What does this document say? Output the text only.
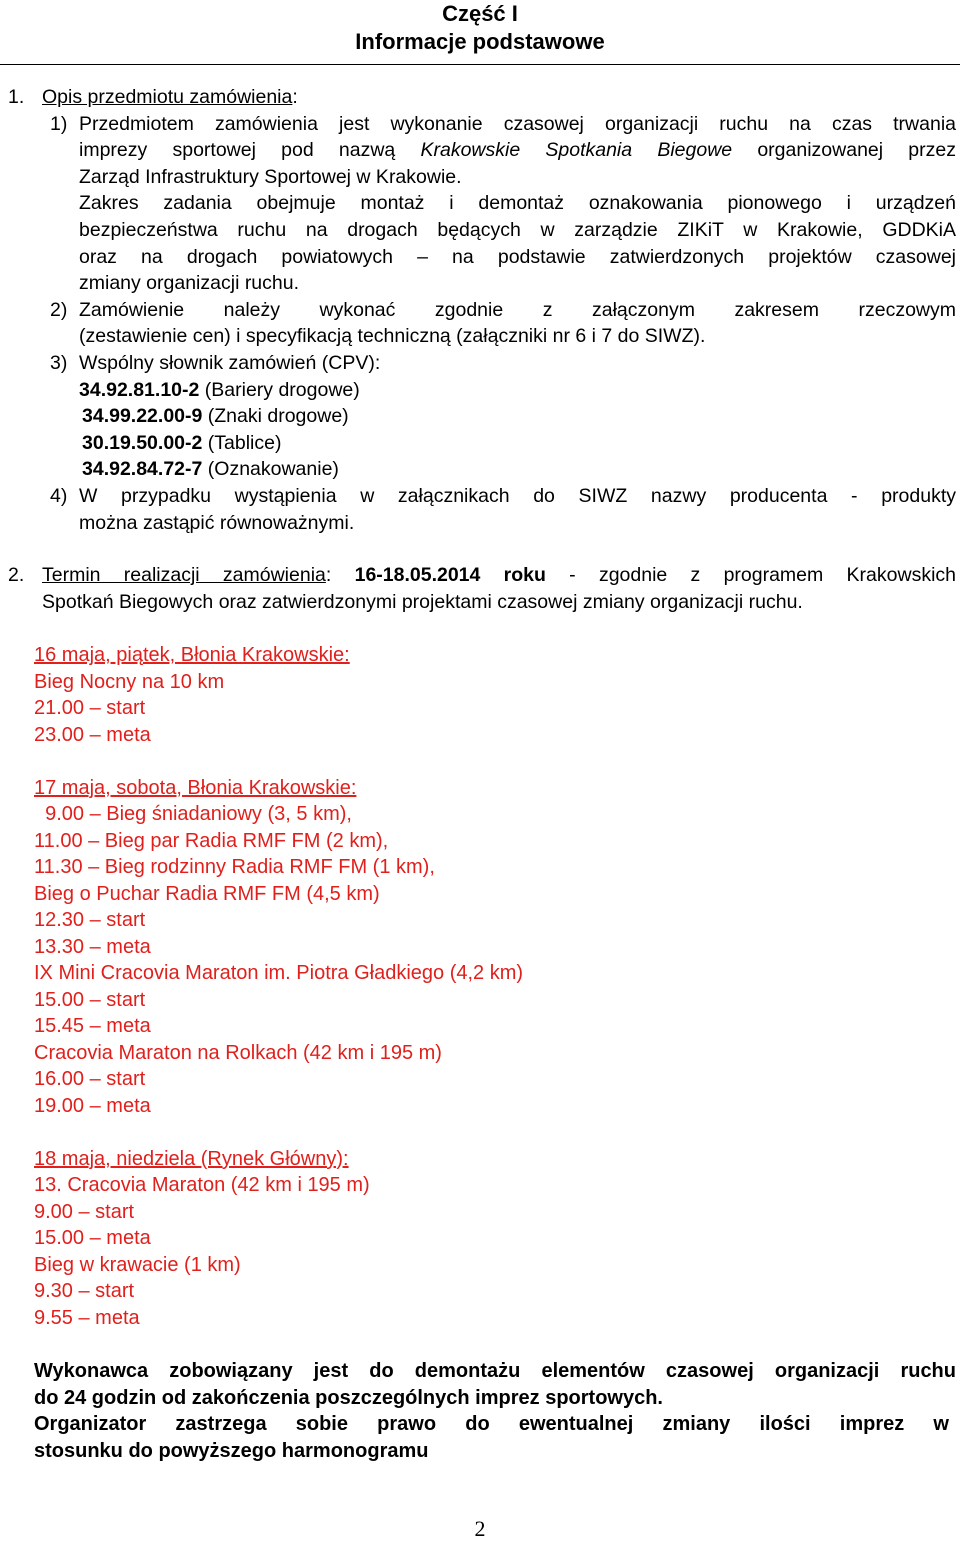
Część I
Informacje podstawowe
1. Opis przedmiotu zamówienia:
1) Przedmiotem zamówienia jest wykonanie czasowej organizacji ruchu na czas trwania
imprezy sportowej pod nazwą Krakowskie Spotkania Biegowe organizowanej przez
Zarząd Infrastruktury Sportowej w Krakowie.
Zakres zadania obejmuje montaż i demontaż oznakowania pionowego i urządzeń
bezpieczeństwa ruchu na drogach będących w zarządzie ZIKiT w Krakowie, GDDKiA
oraz na drogach powiatowych – na podstawie zatwierdzonych projektów czasowej
zmiany organizacji ruchu.
2) Zamówienie należy wykonać zgodnie z załączonym zakresem rzeczowym
(zestawienie cen) i specyfikacją techniczną (załączniki nr 6 i 7 do SIWZ).
3) Wspólny słownik zamówień (CPV):
34.92.81.10-2 (Bariery drogowe)
34.99.22.00-9 (Znaki drogowe)
30.19.50.00-2 (Tablice)
34.92.84.72-7 (Oznakowanie)
4) W przypadku wystąpienia w załącznikach do SIWZ nazwy producenta - produkty
można zastąpić równoważnymi.
2. Termin realizacji zamówienia: 16-18.05.2014 roku - zgodnie z programem Krakowskich
Spotkań Biegowych oraz zatwierdzonymi projektami czasowej zmiany organizacji ruchu.
16 maja, piątek, Błonia Krakowskie:
Bieg Nocny na 10 km
21.00 – start
23.00 – meta
17 maja, sobota, Błonia Krakowskie:
9.00 – Bieg śniadaniowy (3, 5 km),
11.00 – Bieg par Radia RMF FM (2 km),
11.30 – Bieg rodzinny Radia RMF FM (1 km),
Bieg o Puchar Radia RMF FM (4,5 km)
12.30 – start
13.30 – meta
IX Mini Cracovia Maraton im. Piotra Gładkiego (4,2 km)
15.00 – start
15.45 – meta
Cracovia Maraton na Rolkach (42 km i 195 m)
16.00 – start
19.00 – meta
18 maja, niedziela (Rynek Główny):
13. Cracovia Maraton (42 km i 195 m)
9.00 – start
15.00 – meta
Bieg w krawacie (1 km)
9.30 – start
9.55 – meta
Wykonawca zobowiązany jest do demontażu elementów czasowej organizacji ruchu
do 24 godzin od zakończenia poszczególnych imprez sportowych.
Organizator zastrzega sobie prawo do ewentualnej zmiany ilości imprez w
stosunku do powyższego harmonogramu
2
